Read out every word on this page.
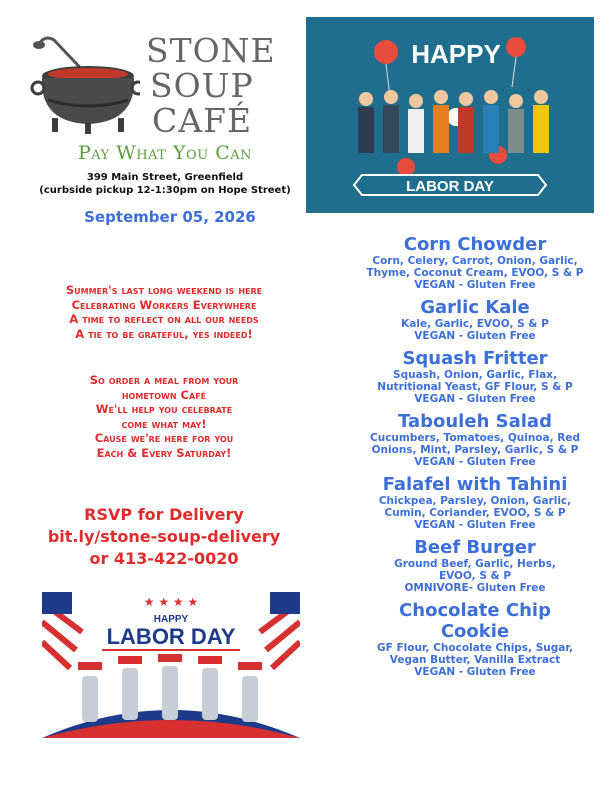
STONE
SOUP
CAFÉ
Pay What You Can
399 Main Street, Greenfield
(curbside pickup 12-1:30pm on Hope Street)
HAPPY
LABOR DAY
September 05, 2026
Summer's last long weekend is here
Celebrating Workers Everywhere
A time to reflect on all our needs
A tie to be grateful, yes indeed!
So order a meal from your
hometown Café
We'll help you celebrate
come what may!
Cause we're here for you
Each & Every Saturday!
RSVP for Delivery
bit.ly/stone-soup-delivery
or 413-422-0020
★ ★ ★ ★
HAPPY
LABOR DAY
Corn Chowder
Corn, Celery, Carrot, Onion, Garlic,
Thyme, Coconut Cream, EVOO, S & P
VEGAN - Gluten Free
Garlic Kale
Kale, Garlic, EVOO, S & P
VEGAN - Gluten Free
Squash Fritter
Squash, Onion, Garlic, Flax,
Nutritional Yeast, GF Flour, S & P
VEGAN - Gluten Free
Tabouleh Salad
Cucumbers, Tomatoes, Quinoa, Red
Onions, Mint, Parsley, Garlic, S & P
VEGAN - Gluten Free
Falafel with Tahini
Chickpea, Parsley, Onion, Garlic,
Cumin, Coriander, EVOO, S & P
VEGAN - Gluten Free
Beef Burger
Ground Beef, Garlic, Herbs,
EVOO, S & P
OMNIVORE- Gluten Free
Chocolate Chip Cookie
GF Flour, Chocolate Chips, Sugar,
Vegan Butter, Vanilla Extract
VEGAN - Gluten Free
